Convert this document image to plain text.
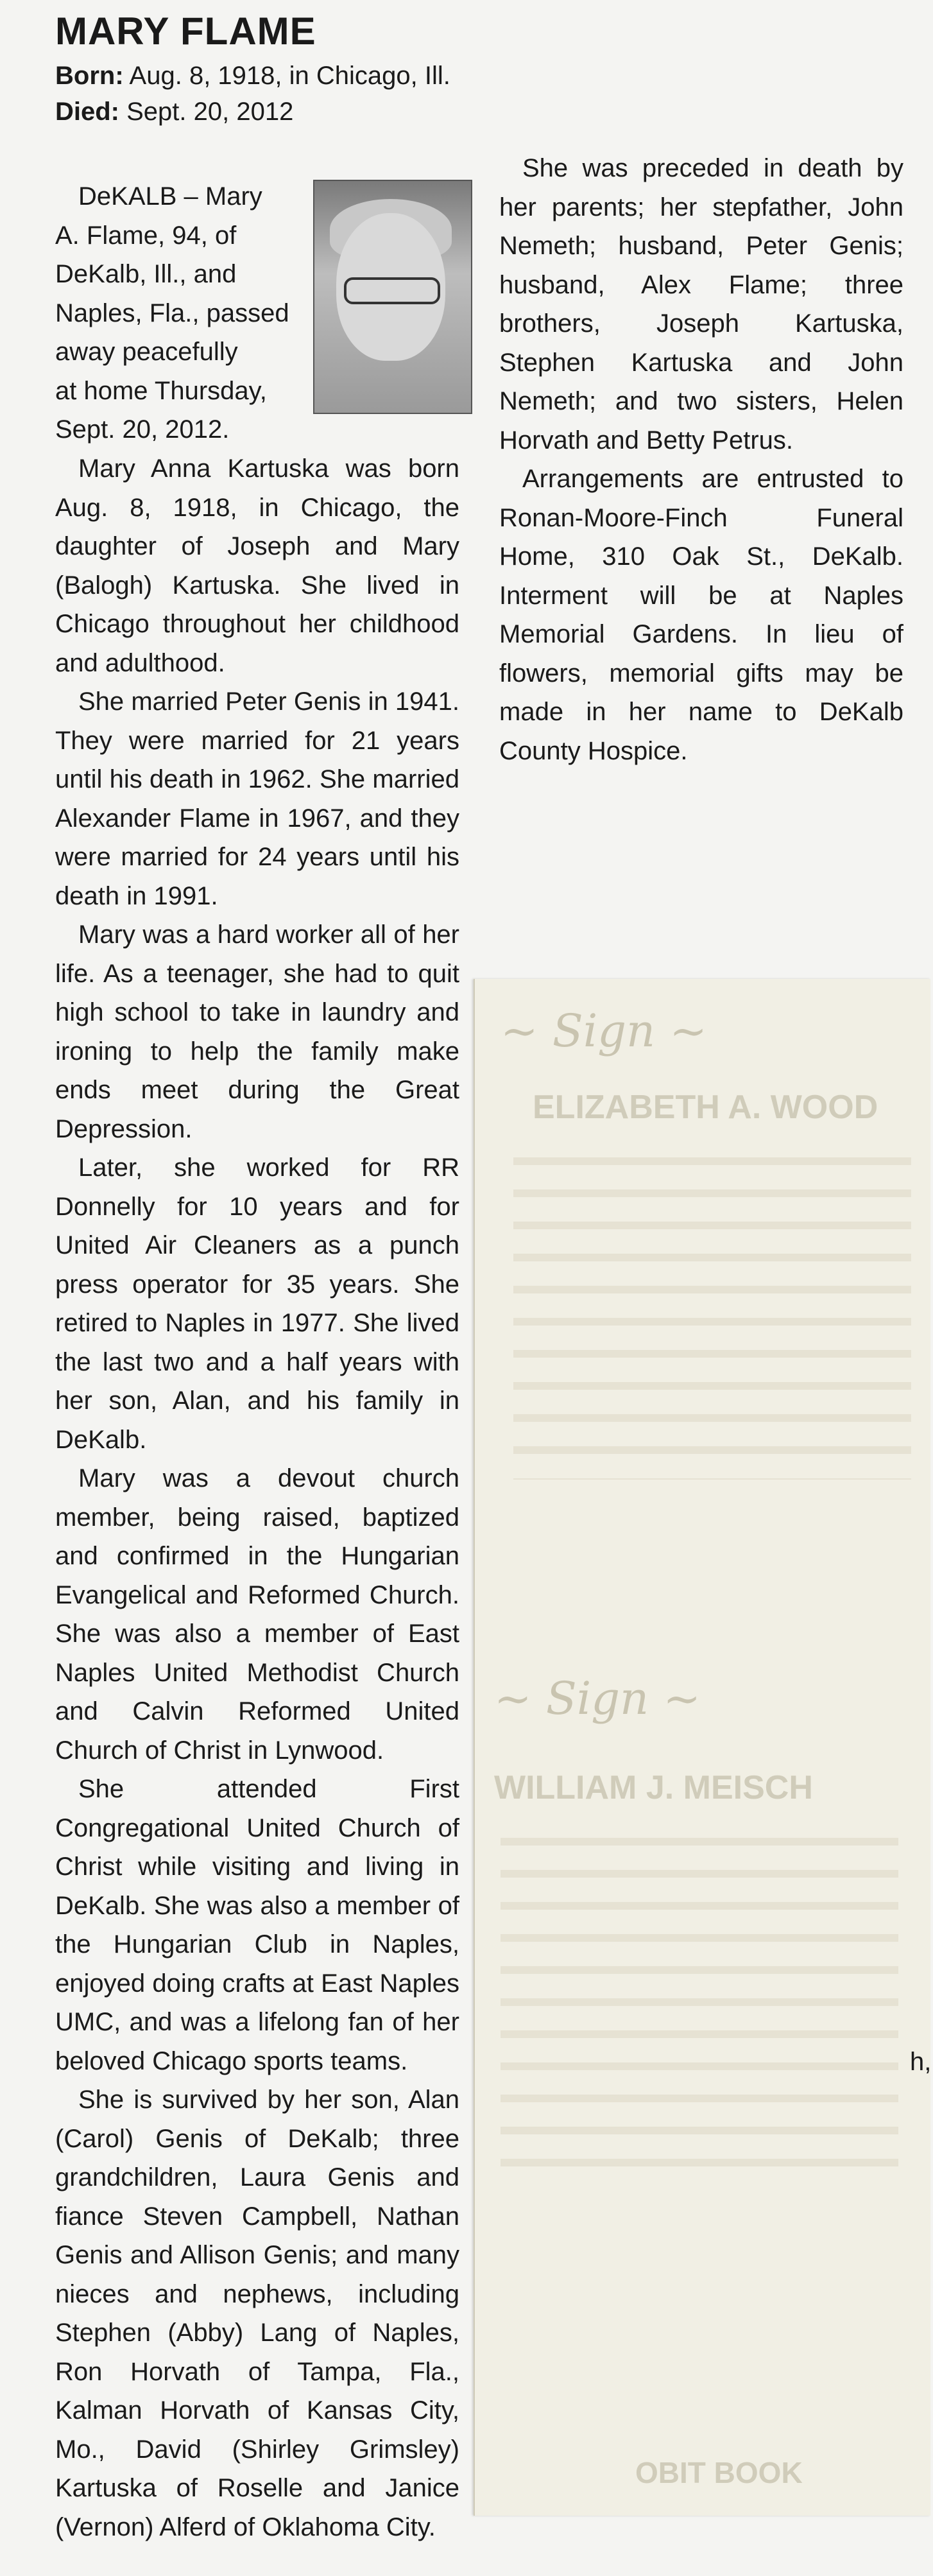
MARY FLAME
Born: Aug. 8, 1918, in Chicago, Ill.
Died: Sept. 20, 2012

DeKALB – Mary

A. Flame, 94, of

DeKalb, Ill., and

Naples, Fla., passed

away peacefully

at home Thursday,

Sept. 20, 2012.

Mary Anna Kartuska was born Aug. 8, 1918, in Chicago, the daughter of Joseph and Mary (Balogh) Kartuska. She lived in Chicago throughout her childhood and adulthood.

She married Peter Genis in 1941. They were married for 21 years until his death in 1962. She married Alexander Flame in 1967, and they were married for 24 years until his death in 1991.

Mary was a hard worker all of her life. As a teenager, she had to quit high school to take in laundry and ironing to help the family make ends meet during the Great Depression.

Later, she worked for RR Donnelly for 10 years and for United Air Cleaners as a punch press operator for 35 years. She retired to Naples in 1977. She lived the last two and a half years with her son, Alan, and his family in DeKalb.

Mary was a devout church member, being raised, baptized and confirmed in the Hungarian Evangelical and Reformed Church. She was also a member of East Naples United Methodist Church and Calvin Reformed United Church of Christ in Lynwood.

She attended First Congregational United Church of Christ while visiting and living in DeKalb. She was also a member of the Hungarian Club in Naples, enjoyed doing crafts at East Naples UMC, and was a lifelong fan of her beloved Chicago sports teams.

She is survived by her son, Alan (Carol) Genis of DeKalb; three grandchildren, Laura Genis and fiance Steven Campbell, Nathan Genis and Allison Genis; and many nieces and nephews, including Stephen (Abby) Lang of Naples, Ron Horvath of Tampa, Fla., Kalman Horvath of Kansas City, Mo., David (Shirley Grimsley) Kartuska of Roselle and Janice (Vernon) Alferd of Oklahoma City.

She was preceded in death by her parents; her stepfather, John Nemeth; husband, Peter Genis; husband, Alex Flame; three brothers, Joseph Kartuska, Stephen Kartuska and John Nemeth; and two sisters, Helen Horvath and Betty Petrus.

Arrangements are entrusted to Ronan-Moore-Finch Funeral Home, 310 Oak St., DeKalb. Interment will be at Naples Memorial Gardens. In lieu of flowers, memorial gifts may be made in her name to DeKalb County Hospice.

~ Sign ~
ELIZABETH A. WOOD
~ Sign ~
WILLIAM J. MEISCH
OBIT BOOK
h,
